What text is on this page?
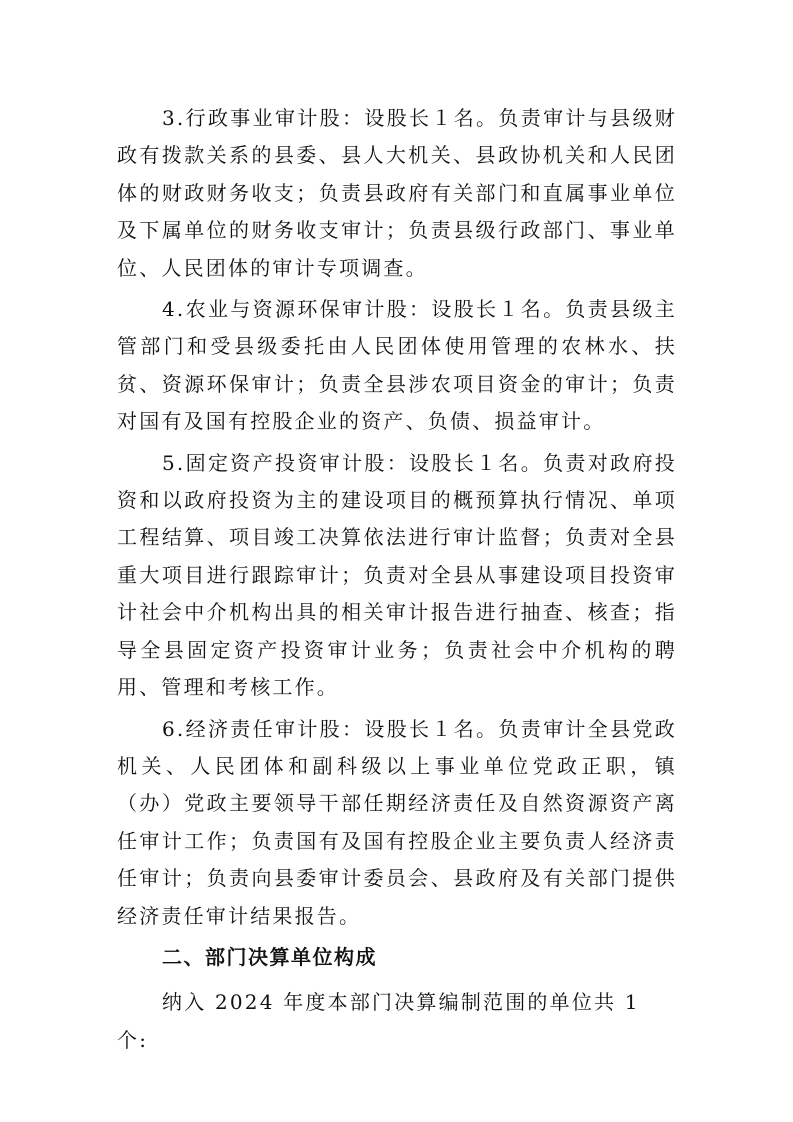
3.行政事业审计股：设股长１名。负责审计与县级财政有拨款关系的县委、县人大机关、县政协机关和人民团体的财政财务收支；负责县政府有关部门和直属事业单位及下属单位的财务收支审计；负责县级行政部门、事业单位、人民团体的审计专项调查。

4.农业与资源环保审计股：设股长１名。负责县级主管部门和受县级委托由人民团体使用管理的农林水、扶贫、资源环保审计；负责全县涉农项目资金的审计；负责对国有及国有控股企业的资产、负债、损益审计。

5.固定资产投资审计股：设股长１名。负责对政府投资和以政府投资为主的建设项目的概预算执行情况、单项工程结算、项目竣工决算依法进行审计监督；负责对全县重大项目进行跟踪审计；负责对全县从事建设项目投资审计社会中介机构出具的相关审计报告进行抽查、核查；指导全县固定资产投资审计业务；负责社会中介机构的聘用、管理和考核工作。

6.经济责任审计股：设股长１名。负责审计全县党政机关、人民团体和副科级以上事业单位党政正职，镇（办）党政主要领导干部任期经济责任及自然资源资产离任审计工作；负责国有及国有控股企业主要负责人经济责任审计；负责向县委审计委员会、县政府及有关部门提供经济责任审计结果报告。

二、部门决算单位构成

纳入 2024 年度本部门决算编制范围的单位共 1 个:
